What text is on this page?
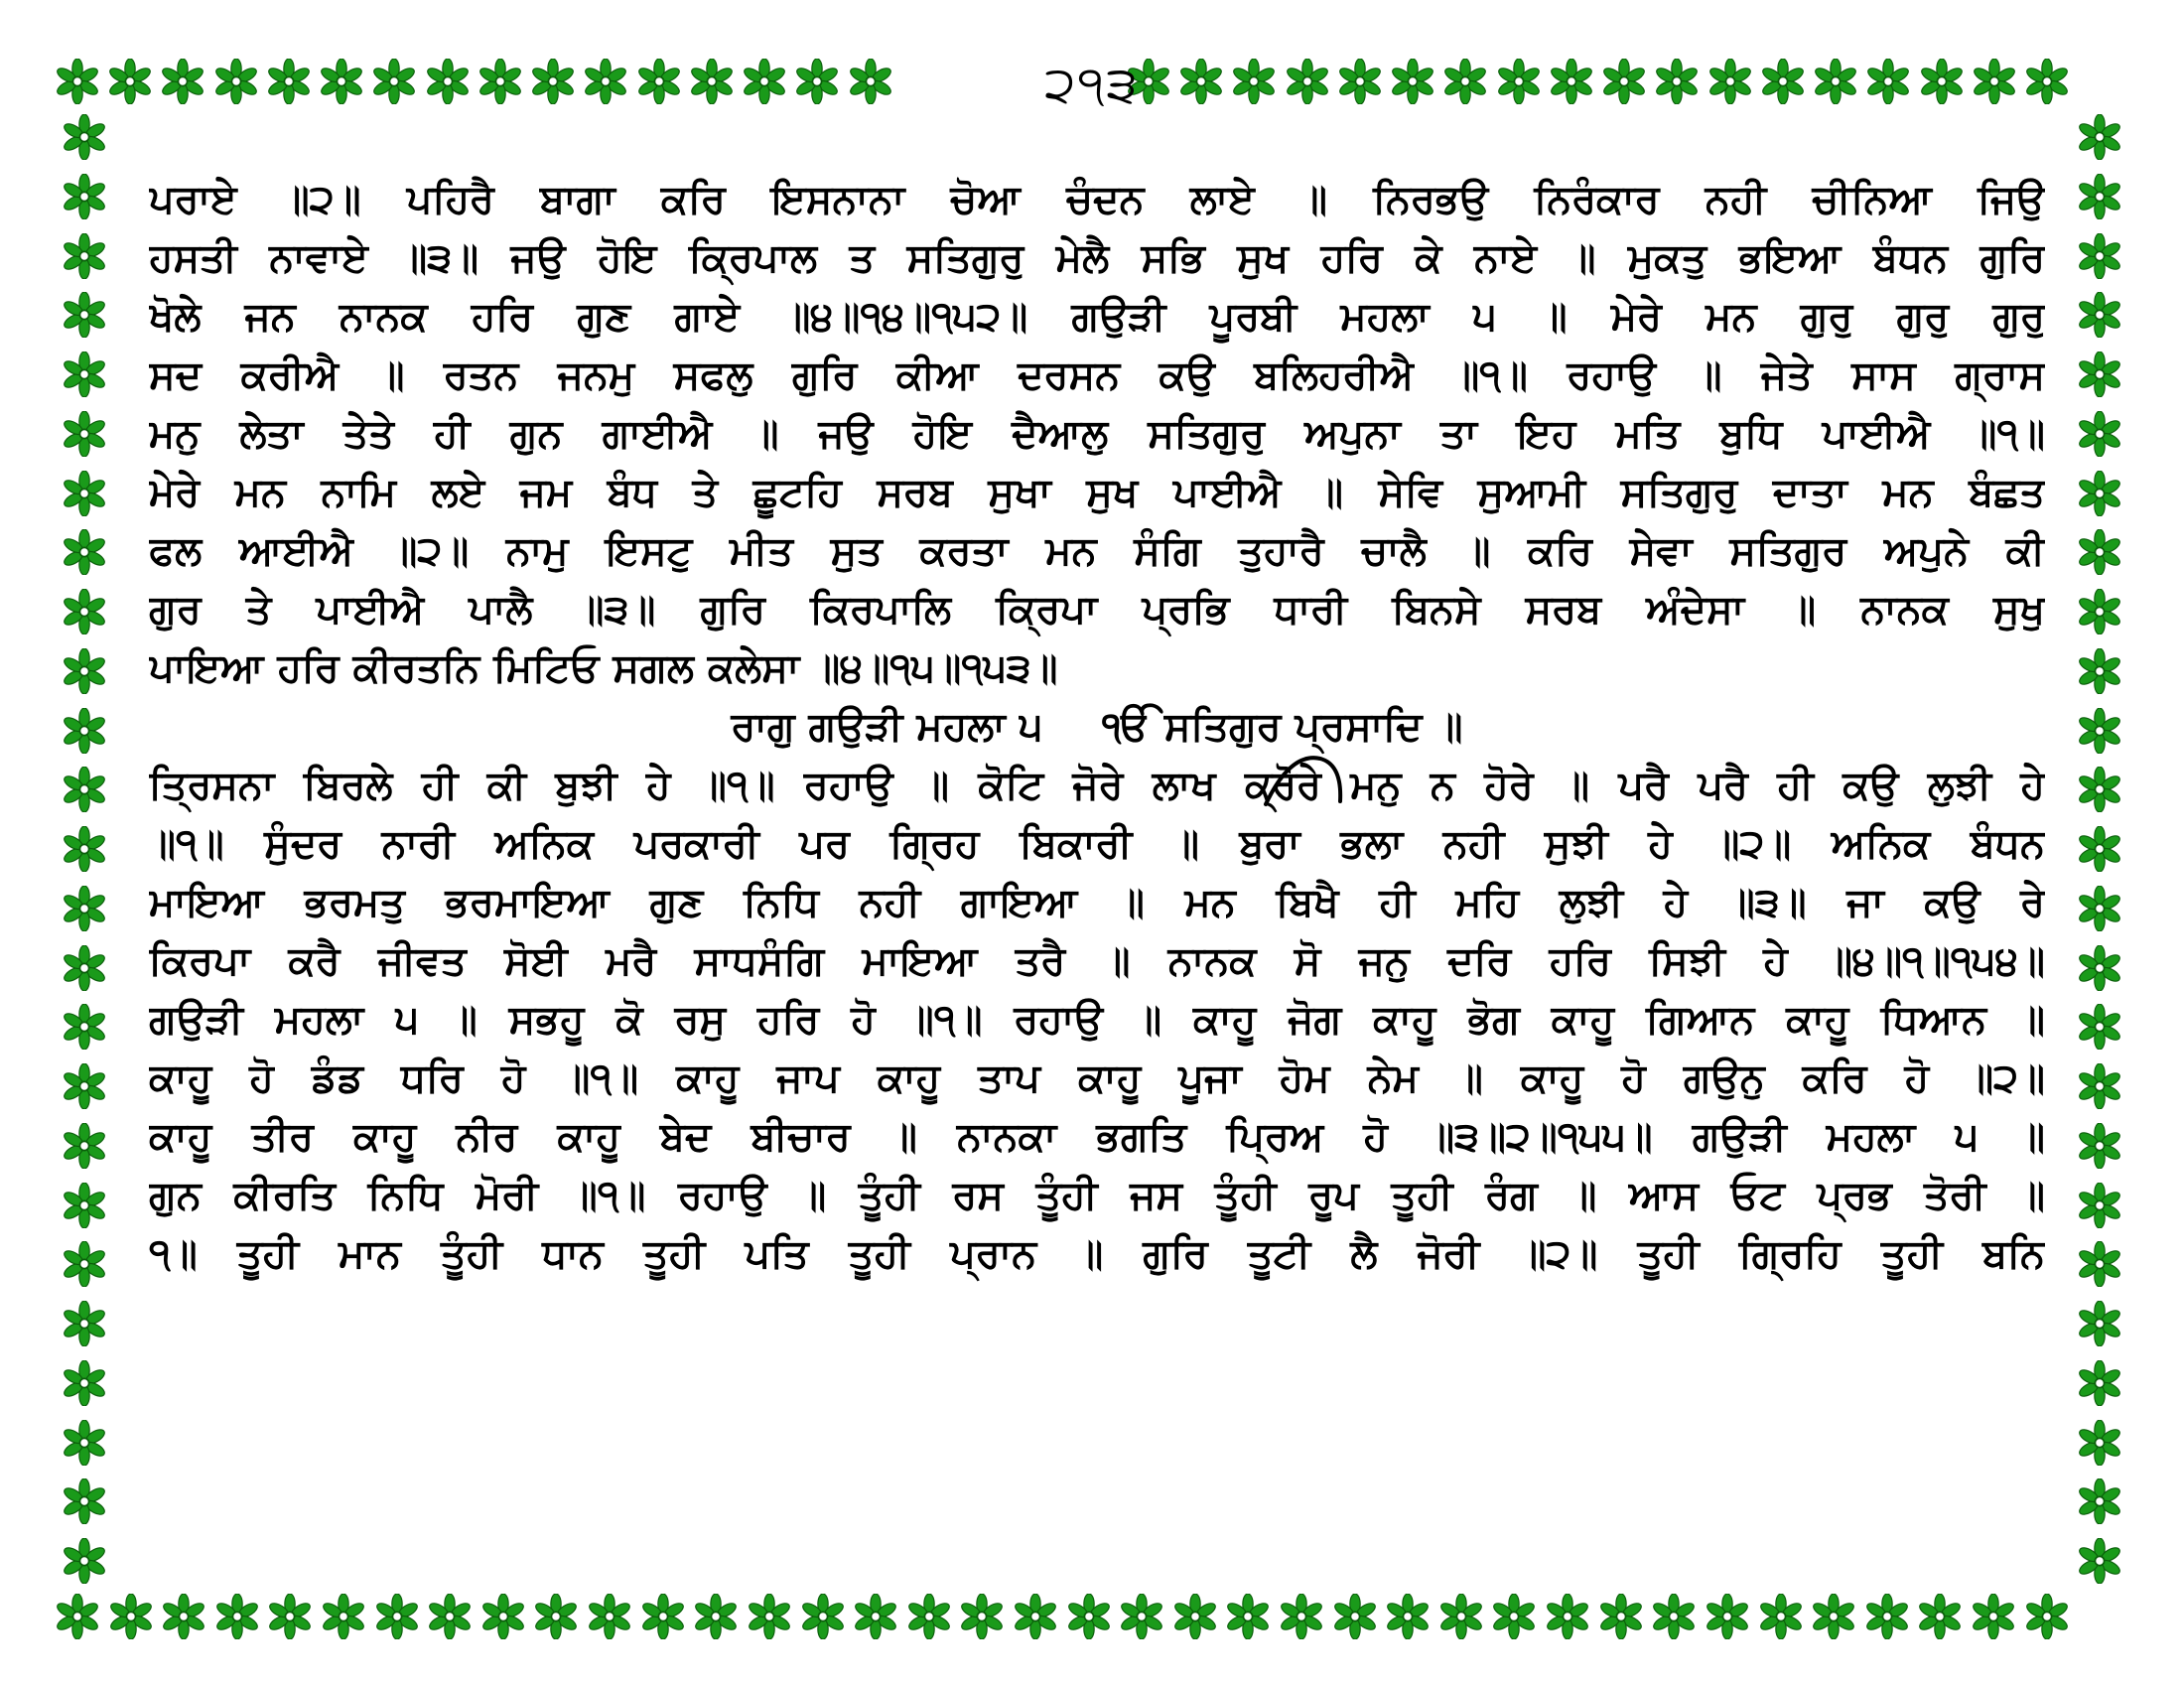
੨੧੩
ਪਰਾਏ ॥੨॥ ਪਹਿਰੈ ਬਾਗਾ ਕਰਿ ਇਸਨਾਨਾ ਚੋਆ ਚੰਦਨ ਲਾਏ ॥ ਨਿਰਭਉ ਨਿਰੰਕਾਰ ਨਹੀ ਚੀਨਿਆ ਜਿਉ
ਹਸਤੀ ਨਾਵਾਏ ॥੩॥ ਜਉ ਹੋਇ ਕ੍ਰਿਪਾਲ ਤ ਸਤਿਗੁਰੁ ਮੇਲੈ ਸਭਿ ਸੁਖ ਹਰਿ ਕੇ ਨਾਏ ॥ ਮੁਕਤੁ ਭਇਆ ਬੰਧਨ ਗੁਰਿ
ਖੋਲੇ ਜਨ ਨਾਨਕ ਹਰਿ ਗੁਣ ਗਾਏ ॥੪॥੧੪॥੧੫੨॥ ਗਉੜੀ ਪੂਰਬੀ ਮਹਲਾ ੫ ॥ ਮੇਰੇ ਮਨ ਗੁਰੁ ਗੁਰੁ ਗੁਰੁ
ਸਦ ਕਰੀਐ ॥ ਰਤਨ ਜਨਮੁ ਸਫਲੁ ਗੁਰਿ ਕੀਆ ਦਰਸਨ ਕਉ ਬਲਿਹਰੀਐ ॥੧॥ ਰਹਾਉ ॥ ਜੇਤੇ ਸਾਸ ਗ੍ਰਾਸ
ਮਨੁ ਲੇਤਾ ਤੇਤੇ ਹੀ ਗੁਨ ਗਾਈਐ ॥ ਜਉ ਹੋਇ ਦੈਆਲੁ ਸਤਿਗੁਰੁ ਅਪੁਨਾ ਤਾ ਇਹ ਮਤਿ ਬੁਧਿ ਪਾਈਐ ॥੧॥
ਮੇਰੇ ਮਨ ਨਾਮਿ ਲਏ ਜਮ ਬੰਧ ਤੇ ਛੂਟਹਿ ਸਰਬ ਸੁਖਾ ਸੁਖ ਪਾਈਐ ॥ ਸੇਵਿ ਸੁਆਮੀ ਸਤਿਗੁਰੁ ਦਾਤਾ ਮਨ ਬੰਛਤ
ਫਲ ਆਈਐ ॥੨॥ ਨਾਮੁ ਇਸਟੁ ਮੀਤ ਸੁਤ ਕਰਤਾ ਮਨ ਸੰਗਿ ਤੁਹਾਰੈ ਚਾਲੈ ॥ ਕਰਿ ਸੇਵਾ ਸਤਿਗੁਰ ਅਪੁਨੇ ਕੀ
ਗੁਰ ਤੇ ਪਾਈਐ ਪਾਲੈ ॥੩॥ ਗੁਰਿ ਕਿਰਪਾਲਿ ਕ੍ਰਿਪਾ ਪ੍ਰਭਿ ਧਾਰੀ ਬਿਨਸੇ ਸਰਬ ਅੰਦੇਸਾ ॥ ਨਾਨਕ ਸੁਖੁ
ਪਾਇਆ ਹਰਿ ਕੀਰਤਨਿ ਮਿਟਿਓ ਸਗਲ ਕਲੇਸਾ ॥੪॥੧੫॥੧੫੩॥
ਰਾਗੁ ਗਉੜੀ ਮਹਲਾ ੫ ੴ ਸਤਿਗੁਰ ਪ੍ਰਸਾਦਿ ॥
ਤ੍ਰਿਸਨਾ ਬਿਰਲੇ ਹੀ ਕੀ ਬੁਝੀ ਹੇ ॥੧॥ ਰਹਾਉ ॥ ਕੋਟਿ ਜੋਰੇ ਲਾਖ ਕ੍ਰੋਰੇ ਮਨੁ ਨ ਹੋਰੇ ॥ ਪਰੈ ਪਰੈ ਹੀ ਕਉ ਲੁਝੀ ਹੇ
॥੧॥ ਸੁੰਦਰ ਨਾਰੀ ਅਨਿਕ ਪਰਕਾਰੀ ਪਰ ਗ੍ਰਿਹ ਬਿਕਾਰੀ ॥ ਬੁਰਾ ਭਲਾ ਨਹੀ ਸੁਝੀ ਹੇ ॥੨॥ ਅਨਿਕ ਬੰਧਨ
ਮਾਇਆ ਭਰਮਤੁ ਭਰਮਾਇਆ ਗੁਣ ਨਿਧਿ ਨਹੀ ਗਾਇਆ ॥ ਮਨ ਬਿਖੈ ਹੀ ਮਹਿ ਲੁਝੀ ਹੇ ॥੩॥ ਜਾ ਕਉ ਰੇ
ਕਿਰਪਾ ਕਰੈ ਜੀਵਤ ਸੋਈ ਮਰੈ ਸਾਧਸੰਗਿ ਮਾਇਆ ਤਰੈ ॥ ਨਾਨਕ ਸੋ ਜਨੁ ਦਰਿ ਹਰਿ ਸਿਝੀ ਹੇ ॥੪॥੧॥੧੫੪॥
ਗਉੜੀ ਮਹਲਾ ੫ ॥ ਸਭਹੂ ਕੋ ਰਸੁ ਹਰਿ ਹੋ ॥੧॥ ਰਹਾਉ ॥ ਕਾਹੂ ਜੋਗ ਕਾਹੂ ਭੋਗ ਕਾਹੂ ਗਿਆਨ ਕਾਹੂ ਧਿਆਨ ॥
ਕਾਹੂ ਹੋ ਡੰਡ ਧਰਿ ਹੋ ॥੧॥ ਕਾਹੂ ਜਾਪ ਕਾਹੂ ਤਾਪ ਕਾਹੂ ਪੂਜਾ ਹੋਮ ਨੇਮ ॥ ਕਾਹੂ ਹੋ ਗਉਨੁ ਕਰਿ ਹੋ ॥੨॥
ਕਾਹੂ ਤੀਰ ਕਾਹੂ ਨੀਰ ਕਾਹੂ ਬੇਦ ਬੀਚਾਰ ॥ ਨਾਨਕਾ ਭਗਤਿ ਪ੍ਰਿਅ ਹੋ ॥੩॥੨॥੧੫੫॥ ਗਉੜੀ ਮਹਲਾ ੫ ॥
ਗੁਨ ਕੀਰਤਿ ਨਿਧਿ ਮੋਰੀ ॥੧॥ ਰਹਾਉ ॥ ਤੂੰਹੀ ਰਸ ਤੂੰਹੀ ਜਸ ਤੂੰਹੀ ਰੂਪ ਤੂਹੀ ਰੰਗ ॥ ਆਸ ਓਟ ਪ੍ਰਭ ਤੋਰੀ ॥
੧॥ ਤੂਹੀ ਮਾਨ ਤੂੰਹੀ ਧਾਨ ਤੂਹੀ ਪਤਿ ਤੂਹੀ ਪ੍ਰਾਨ ॥ ਗੁਰਿ ਤੂਟੀ ਲੈ ਜੋਰੀ ॥੨॥ ਤੂਹੀ ਗ੍ਰਿਹਿ ਤੂਹੀ ਬਨਿ
